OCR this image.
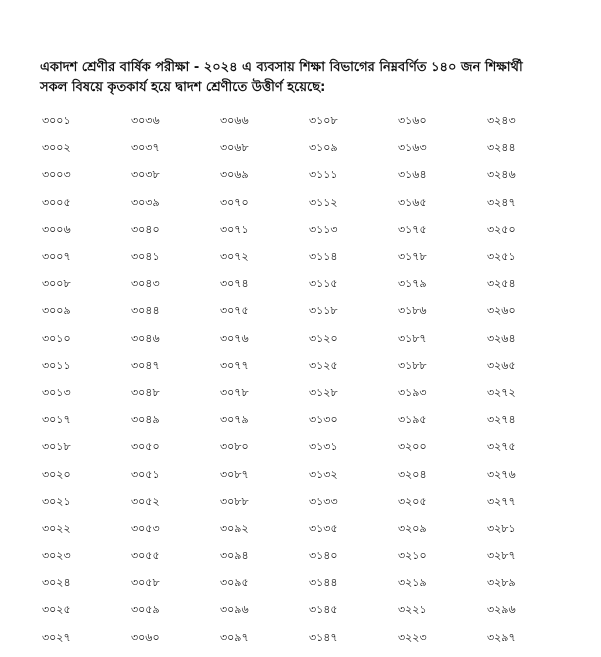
একাদশ শ্রেণীর বার্ষিক পরীক্ষা - ২০২৪ এ ব্যবসায় শিক্ষা বিভাগের নিম্নবর্ণিত ১৪০ জন শিক্ষার্থী
সকল বিষয়ে কৃতকার্য হয়ে দ্বাদশ শ্রেণীতে উত্তীর্ণ হয়েছে:
৩০০১	৩০৩৬	৩০৬৬	৩১০৮	৩১৬০	৩২৪৩
৩০০২	৩০৩৭	৩০৬৮	৩১০৯	৩১৬৩	৩২৪৪
৩০০৩	৩০৩৮	৩০৬৯	৩১১১	৩১৬৪	৩২৪৬
৩০০৫	৩০৩৯	৩০৭০	৩১১২	৩১৬৫	৩২৪৭
৩০০৬	৩০৪০	৩০৭১	৩১১৩	৩১৭৫	৩২৫০
৩০০৭	৩০৪১	৩০৭২	৩১১৪	৩১৭৮	৩২৫১
৩০০৮	৩০৪৩	৩০৭৪	৩১১৫	৩১৭৯	৩২৫৪
৩০০৯	৩০৪৪	৩০৭৫	৩১১৮	৩১৮৬	৩২৬০
৩০১০	৩০৪৬	৩০৭৬	৩১২০	৩১৮৭	৩২৬৪
৩০১১	৩০৪৭	৩০৭৭	৩১২৫	৩১৮৮	৩২৬৫
৩০১৩	৩০৪৮	৩০৭৮	৩১২৮	৩১৯৩	৩২৭২
৩০১৭	৩০৪৯	৩০৭৯	৩১৩০	৩১৯৫	৩২৭৪
৩০১৮	৩০৫০	৩০৮০	৩১৩১	৩২০০	৩২৭৫
৩০২০	৩০৫১	৩০৮৭	৩১৩২	৩২০৪	৩২৭৬
৩০২১	৩০৫২	৩০৮৮	৩১৩৩	৩২০৫	৩২৭৭
৩০২২	৩০৫৩	৩০৯২	৩১৩৫	৩২০৯	৩২৮১
৩০২৩	৩০৫৫	৩০৯৪	৩১৪০	৩২১০	৩২৮৭
৩০২৪	৩০৫৮	৩০৯৫	৩১৪৪	৩২১৯	৩২৮৯
৩০২৫	৩০৫৯	৩০৯৬	৩১৪৫	৩২২১	৩২৯৬
৩০২৭	৩০৬০	৩০৯৭	৩১৪৭	৩২২৩	৩২৯৭
